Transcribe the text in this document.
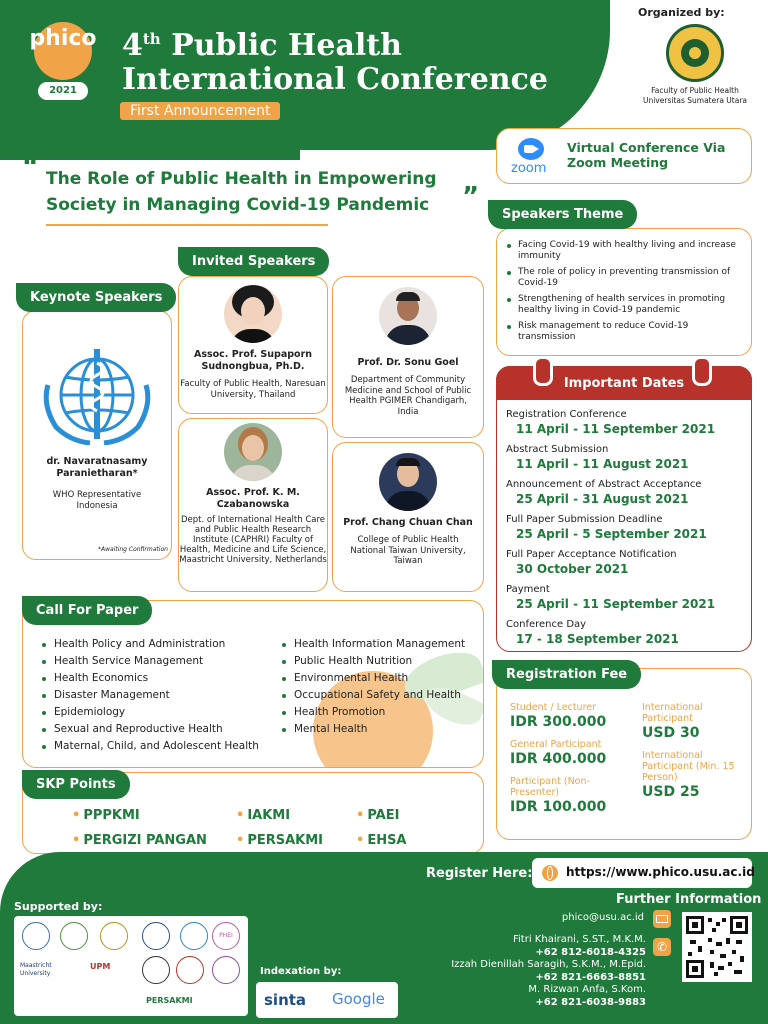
phico
2021
4th Public Health
International Conference
First Announcement
Organized by:
Faculty of Public Health
Universitas Sumatera Utara
“ The Role of Public Health in Empowering
Society in Managing Covid-19 Pandemic ”
zoom
Virtual Conference Via
Zoom Meeting
Speakers Theme
Facing Covid-19 with healthy living and increase immunity
The role of policy in preventing transmission of Covid-19
Strengthening of health services in promoting healthy living in Covid-19 pandemic
Risk management to reduce Covid-19 transmission
Keynote Speakers
dr. Navaratnasamy Paranietharan*
WHO Representative Indonesia
*Awaiting Confirmation
Invited Speakers
Assoc. Prof. Supaporn Sudnongbua, Ph.D.
Faculty of Public Health, Naresuan University, Thailand
Prof. Dr. Sonu Goel
Department of Community Medicine and School of Public Health PGIMER Chandigarh, India
Assoc. Prof. K. M. Czabanowska
Dept. of International Health Care and Public Health Research Institute (CAPHRI) Faculty of Health, Medicine and Life Science, Maastricht University, Netherlands
Prof. Chang Chuan Chan
College of Public Health National Taiwan University, Taiwan
Important Dates
Registration Conference
11 April - 11 September 2021
Abstract Submission
11 April - 11 August 2021
Announcement of Abstract Acceptance
25 April - 31 August 2021
Full Paper Submission Deadline
25 April - 5 September 2021
Full Paper Acceptance Notification
30 October 2021
Payment
25 April - 11 September 2021
Conference Day
17 - 18 September 2021
Call For Paper
Health Policy and Administration
Health Service Management
Health Economics
Disaster Management
Epidemiology
Sexual and Reproductive Health
Maternal, Child, and Adolescent Health
Health Information Management
Public Health Nutrition
Environmental Health
Occupational Safety and Health
Health Promotion
Mental Health
Registration Fee
Student / Lecturer
IDR 300.000
General Participant
IDR 400.000
Participant (Non-Presenter)
IDR 100.000
International Participant
USD 30
International Participant (Min. 15 Person)
USD 25
SKP Points
• PPPKMI	• IAKMI	• PAEI
• PERGIZI PANGAN	• PERSAKMI	• EHSA
Register Here:	https://www.phico.usu.ac.id
Further Information
phico@usu.ac.id
✆
Fitri Khairani, S.ST., M.K.M.
+62 812-6018-4325
Izzah Dienillah Saragih, S.K.M., M.Epid.
+62 821-6663-8851
M. Rizwan Anfa, S.Kom.
+62 821-6038-9883
Supported by:
PHEI
Maastricht University
UPM
PERSAKMI
Indexation by:
sinta Google
